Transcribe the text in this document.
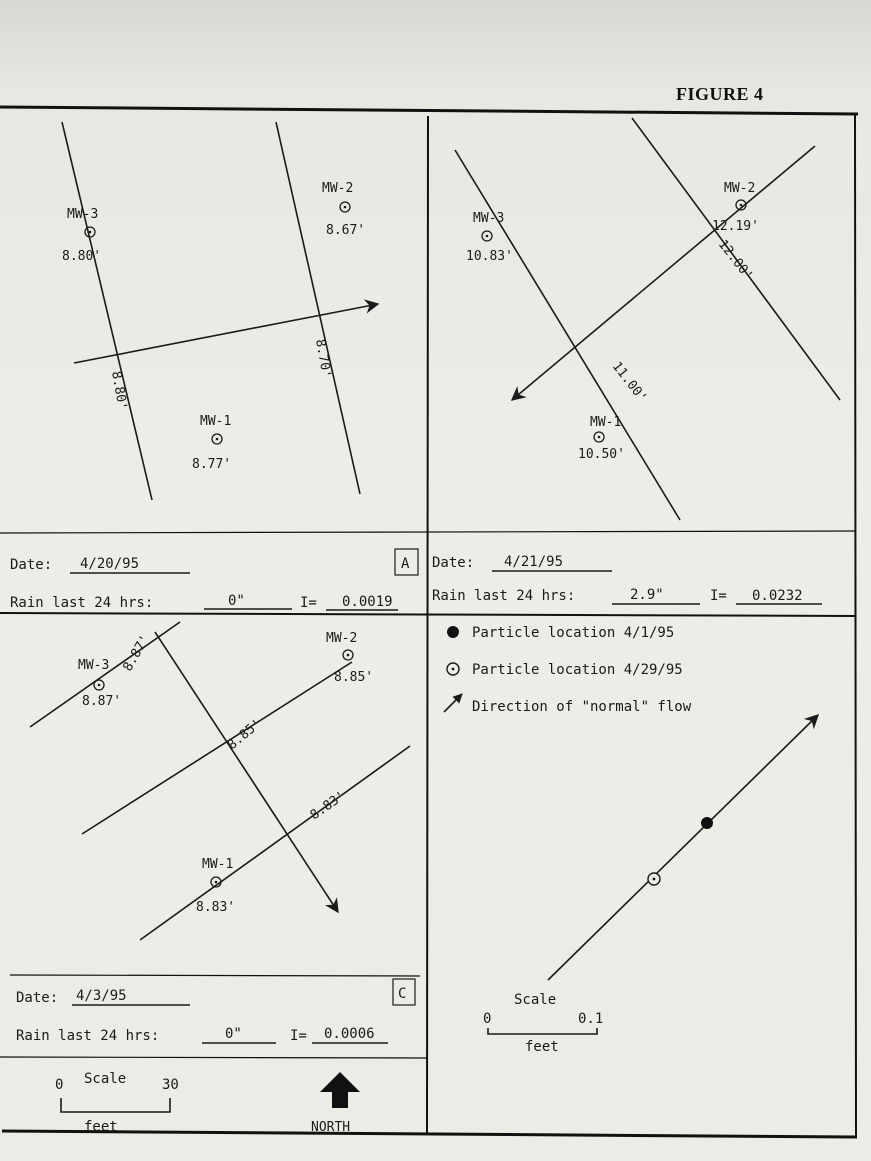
FIGURE 4
8.80'
8.70'
MW-3
8.80'
MW-2
8.67'
MW-1
8.77'
12.00'
11.00'
MW-3
10.83'
MW-2
12.19'
MW-1
10.50'
Date: 4/20/95
Rain last 24 hrs:	0"	I= 0.0019
A Date: 4/21/95
Rain last 24 hrs:	2.9"	I= 0.0232
8.87'
8.85'
8.83'
MW-3
8.87'
MW-2
8.85'
MW-1
8.83'
Date: 4/3/95
Rain last 24 hrs:	0"	I= 0.0006
C
Scale
0	30
feet	NORTH
Particle location 4/1/95
Particle location 4/29/95
Direction of "normal" flow
Scale
0	0.1
feet
